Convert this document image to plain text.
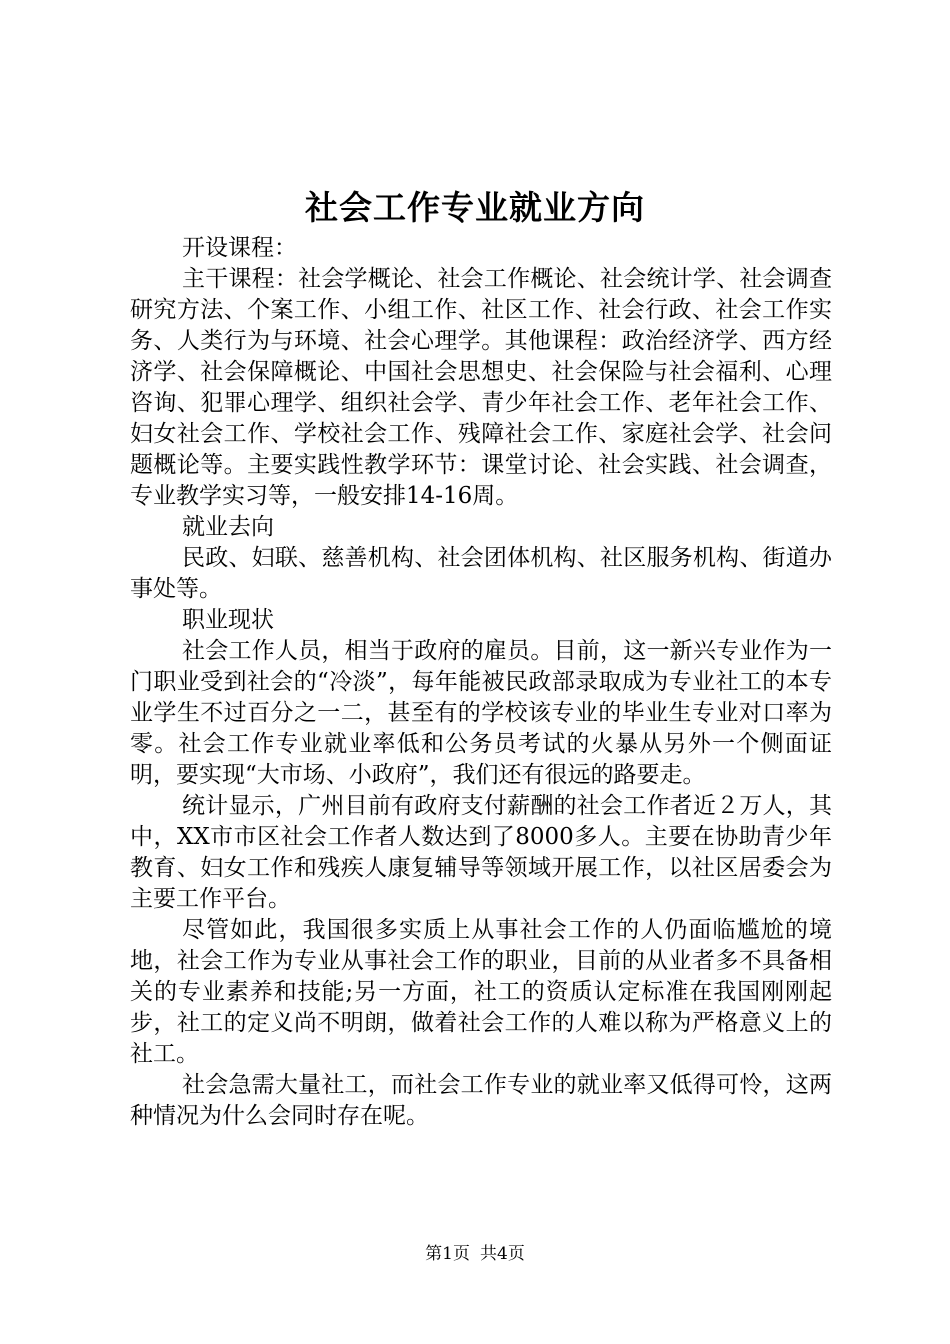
社会工作专业就业方向

开设课程：

主干课程：社会学概论、社会工作概论、社会统计学、社会调查研究方法、个案工作、小组工作、社区工作、社会行政、社会工作实务、人类行为与环境、社会心理学。其他课程：政治经济学、西方经济学、社会保障概论、中国社会思想史、社会保险与社会福利、心理咨询、犯罪心理学、组织社会学、青少年社会工作、老年社会工作、妇女社会工作、学校社会工作、残障社会工作、家庭社会学、社会问题概论等。主要实践性教学环节：课堂讨论、社会实践、社会调查，专业教学实习等，一般安排14-16周。

就业去向

民政、妇联、慈善机构、社会团体机构、社区服务机构、街道办事处等。

职业现状

社会工作人员，相当于政府的雇员。目前，这一新兴专业作为一门职业受到社会的“冷淡”，每年能被民政部录取成为专业社工的本专业学生不过百分之一二，甚至有的学校该专业的毕业生专业对口率为零。社会工作专业就业率低和公务员考试的火暴从另外一个侧面证明，要实现“大市场、小政府”，我们还有很远的路要走。

统计显示，广州目前有政府支付薪酬的社会工作者近２万人，其中，XX市市区社会工作者人数达到了8000多人。主要在协助青少年教育、妇女工作和残疾人康复辅导等领域开展工作，以社区居委会为主要工作平台。

尽管如此，我国很多实质上从事社会工作的人仍面临尴尬的境地，社会工作为专业从事社会工作的职业，目前的从业者多不具备相关的专业素养和技能;另一方面，社工的资质认定标准在我国刚刚起步，社工的定义尚不明朗，做着社会工作的人难以称为严格意义上的社工。

社会急需大量社工，而社会工作专业的就业率又低得可怜，这两种情况为什么会同时存在呢。

第1页 共4页
